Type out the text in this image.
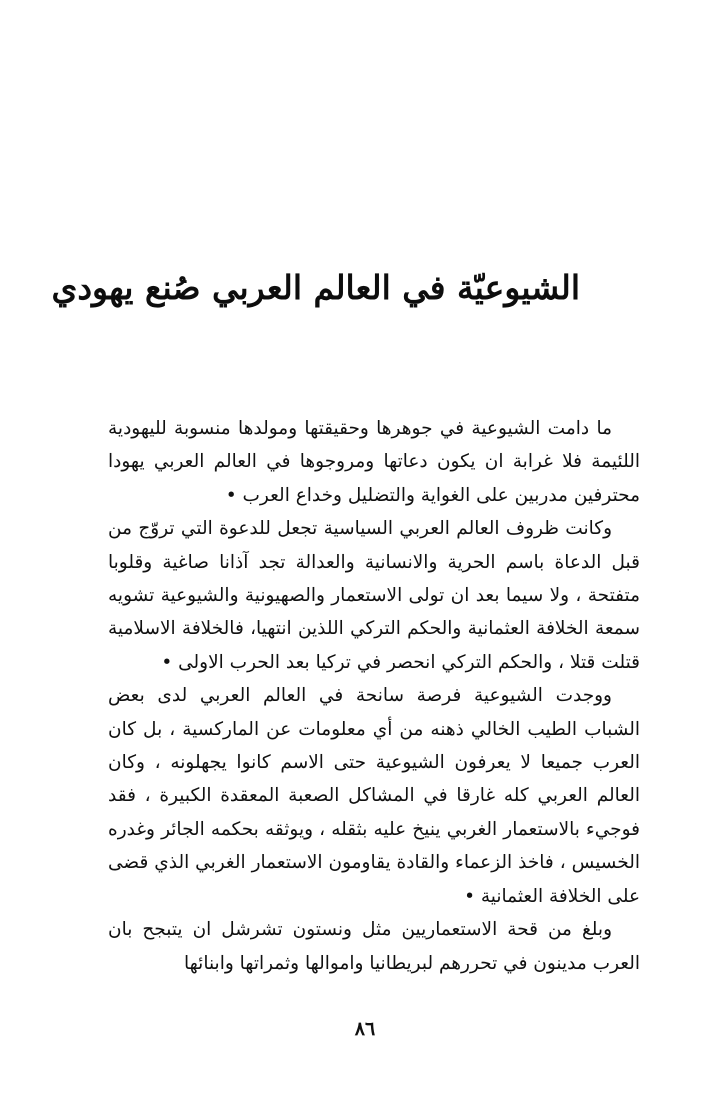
الشيوعيّة في العالم العربي صُنع يهودي

ما دامت الشيوعية في جوهرها وحقيقتها ومولدها منسوبة لليهودية اللئيمة فلا غرابة ان يكون دعاتها ومروجوها في العالم العربي يهودا محترفين مدربين على الغواية والتضليل وخداع العرب •

وكانت ظروف العالم العربي السياسية تجعل للدعوة التي تروّج من قبل الدعاة باسم الحرية والانسانية والعدالة تجد آذانا صاغية وقلوبا متفتحة ، ولا سيما بعد ان تولى الاستعمار والصهيونية والشيوعية تشويه سمعة الخلافة العثمانية والحكم التركي اللذين انتهيا، فالخلافة الاسلامية قتلت قتلا ، والحكم التركي انحصر في تركيا بعد الحرب الاولى •

ووجدت الشيوعية فرصة سانحة في العالم العربي لدى بعض الشباب الطيب الخالي ذهنه من أي معلومات عن الماركسية ، بل كان العرب جميعا لا يعرفون الشيوعية حتى الاسم كانوا يجهلونه ، وكان العالم العربي كله غارقا في المشاكل الصعبة المعقدة الكبيرة ، فقد فوجيء بالاستعمار الغربي ينيخ عليه بثقله ، ويوثقه بحكمه الجائر وغدره الخسيس ، فاخذ الزعماء والقادة يقاومون الاستعمار الغربي الذي قضى على الخلافة العثمانية •

وبلغ من قحة الاستعماريين مثل ونستون تشرشل ان يتبجح بان العرب مدينون في تحررهم لبريطانيا واموالها وثمراتها وابنائها

٨٦
